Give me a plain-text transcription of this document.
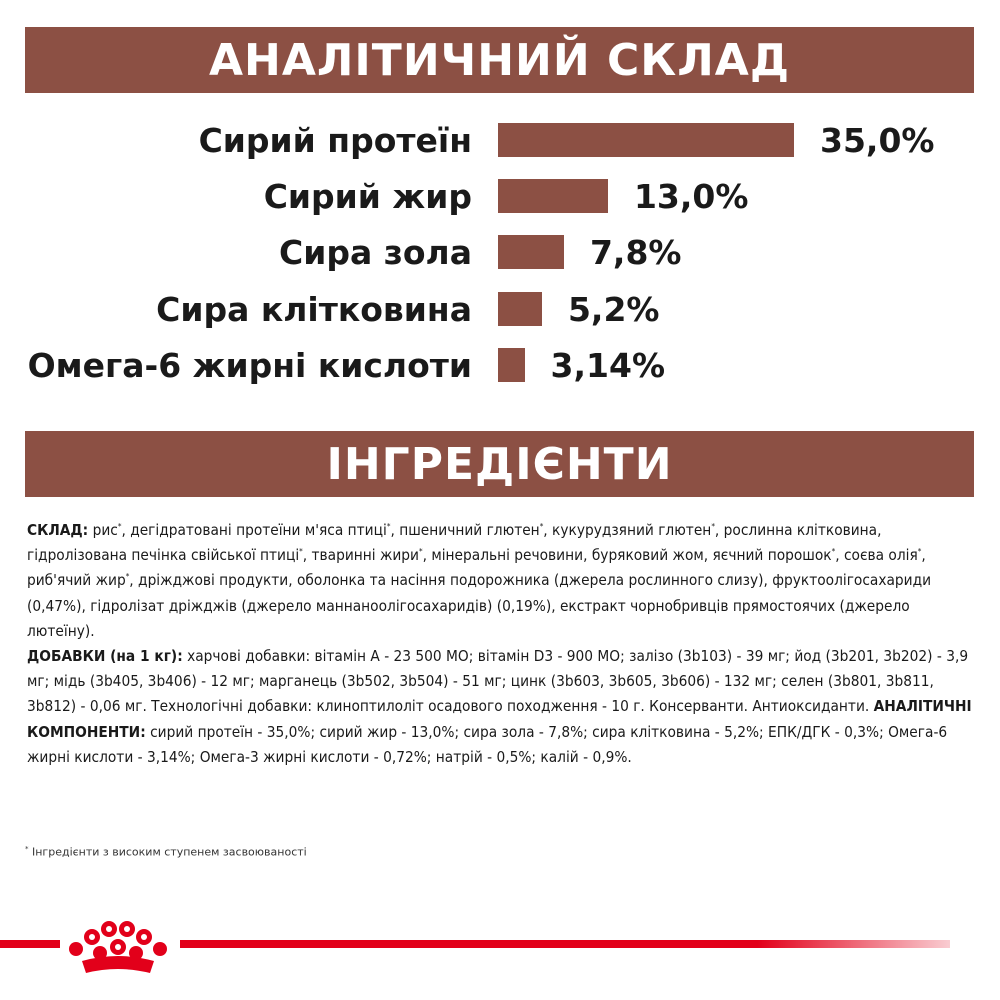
АНАЛІТИЧНИЙ СКЛАД
Сирий протеїн	35,0%
Сирий жир	13,0%
Сира зола	7,8%
Сира клітковина	5,2%
Омега-6 жирні кислоти 3,14%
ІНГРЕДІЄНТИ

СКЛАД: рис*, дегідратовані протеїни м'яса птиці*, пшеничний глютен*, кукурудзяний глютен*, рослинна клітковина, гідролізована печінка свійської птиці*, тваринні жири*, мінеральні речовини, буряковий жом, яєчний порошок*, соєва олія*, риб'ячий жир*, дріжджові продукти, оболонка та насіння подорожника (джерела рослинного слизу), фруктоолігосахариди (0,47%), гідролізат дріжджів (джерело маннаноолігосахаридів) (0,19%), екстракт чорнобривців прямостоячих (джерело лютеїну).

ДОБАВКИ (на 1 кг): харчові добавки: вітамін A - 23 500 МО; вітамін D3 - 900 МО; залізо (3b103) - 39 мг; йод (3b201, 3b202) - 3,9 мг; мідь (3b405, 3b406) - 12 мг; марганець (3b502, 3b504) - 51 мг; цинк (3b603, 3b605, 3b606) - 132 мг; селен (3b801, 3b811, 3b812) - 0,06 мг. Технологічні добавки: клиноптилоліт осадового походження - 10 г. Консерванти. Антиоксиданти. АНАЛІТИЧНІ КОМПОНЕНТИ: сирий протеїн - 35,0%; сирий жир - 13,0%; сира зола - 7,8%; сира клітковина - 5,2%; ЕПК/ДГК - 0,3%; Омега-6 жирні кислоти - 3,14%; Омега-3 жирні кислоти - 0,72%; натрій - 0,5%; калій - 0,9%.

* Інгредієнти з високим ступенем засвоюваності
